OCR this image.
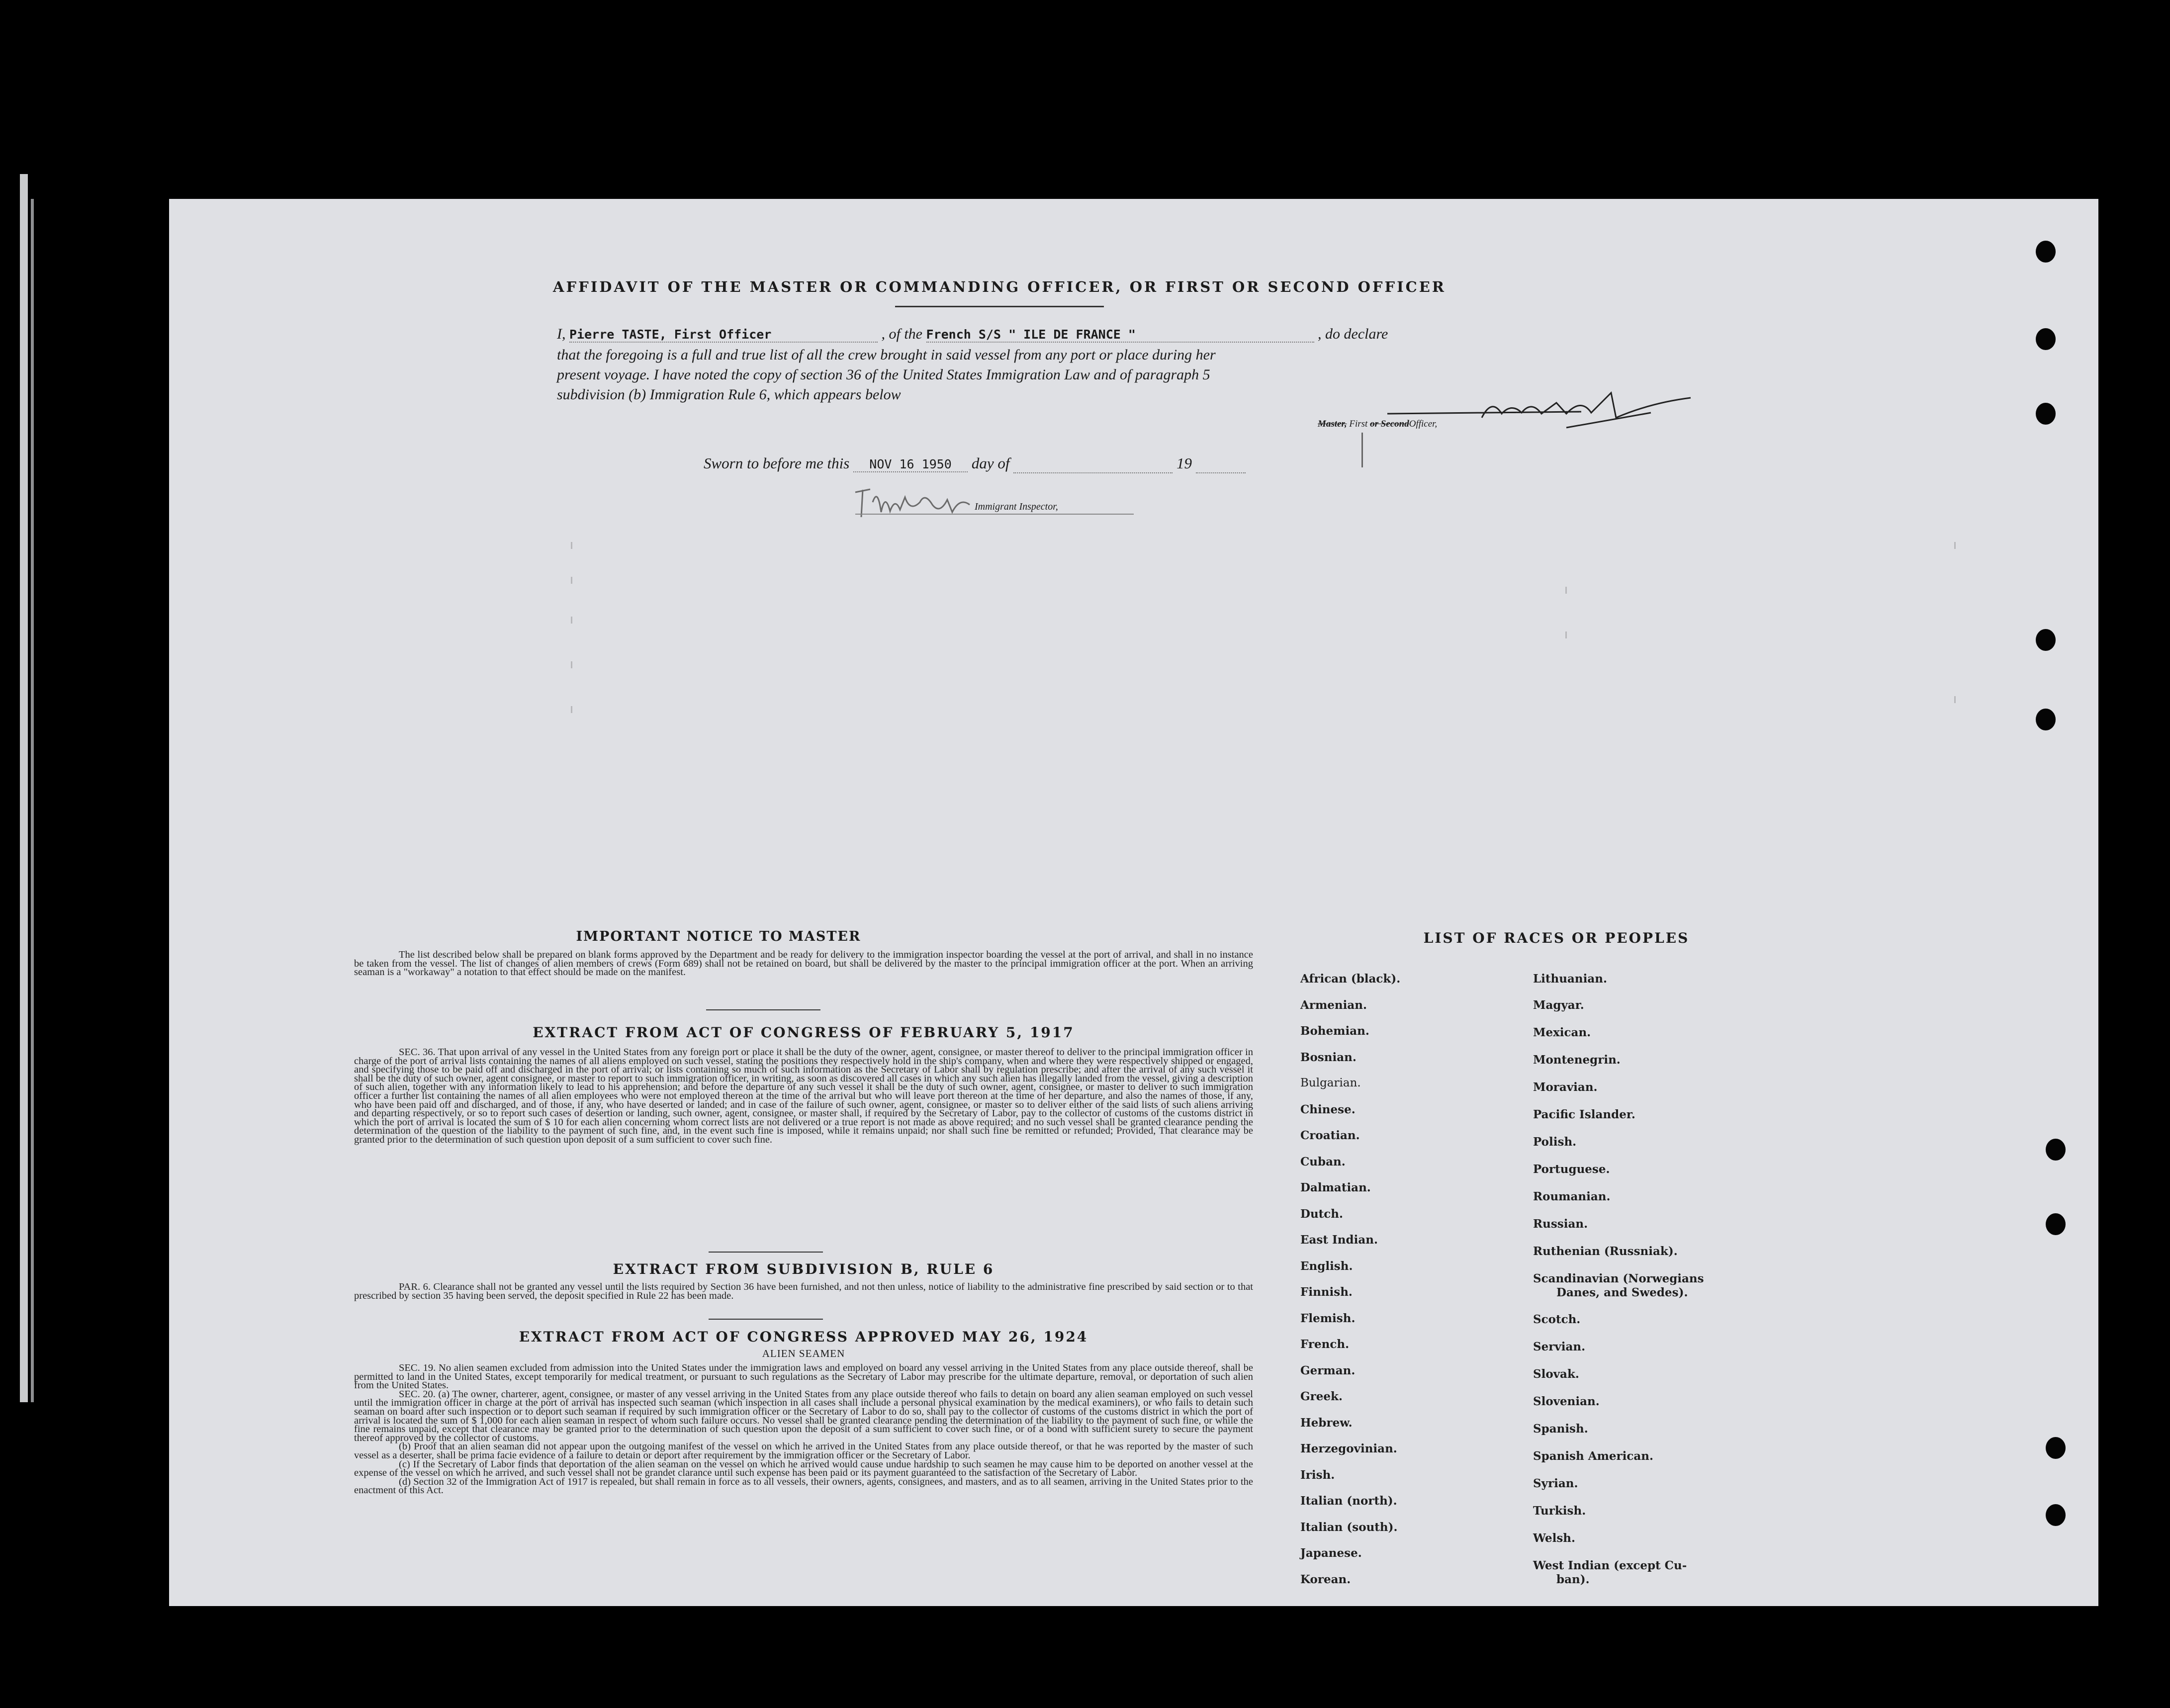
AFFIDAVIT OF THE MASTER OR COMMANDING OFFICER, OR FIRST OR SECOND OFFICER
I, Pierre TASTE, First Officer	, of the French S/S " ILE DE FRANCE "	, do declare
that the foregoing is a full and true list of all the crew brought in said vessel from any port or place during her
present voyage. I have noted the copy of section 36 of the United States Immigration Law and of paragraph 5
subdivision (b) Immigration Rule 6, which appears below
Master, First or SecondOfficer,
Sworn to before me this NOV 16 1950 day of	19
Immigrant Inspector,
IMPORTANT NOTICE TO MASTER
The list described below shall be prepared on blank forms approved by the Department and be ready for delivery to the immigration inspector boarding the vessel at the port of arrival, and shall in no instance be taken from the vessel. The list of changes of alien members of crews (Form 689) shall not be retained on board, but shall be delivered by the master to the principal immigration officer at the port. When an arriving seaman is a "workaway" a notation to that effect should be made on the manifest.
EXTRACT FROM ACT OF CONGRESS OF FEBRUARY 5, 1917
SEC. 36. That upon arrival of any vessel in the United States from any foreign port or place it shall be the duty of the owner, agent, consignee, or master thereof to deliver to the principal immigration officer in charge of the port of arrival lists containing the names of all aliens employed on such vessel, stating the positions they respectively hold in the ship's company, when and where they were respectively shipped or engaged, and specifying those to be paid off and discharged in the port of arrival; or lists containing so much of such information as the Secretary of Labor shall by regulation prescribe; and after the arrival of any such vessel it shall be the duty of such owner, agent consignee, or master to report to such immigration officer, in writing, as soon as discovered all cases in which any such alien has illegally landed from the vessel, giving a description of such alien, together with any information likely to lead to his apprehension; and before the departure of any such vessel it shall be the duty of such owner, agent, consignee, or master to deliver to such immigration officer a further list containing the names of all alien employees who were not employed thereon at the time of the arrival but who will leave port thereon at the time of her departure, and also the names of those, if any, who have been paid off and discharged, and of those, if any, who have deserted or landed; and in case of the failure of such owner, agent, consignee, or master so to deliver either of the said lists of such aliens arriving and departing respectively, or so to report such cases of desertion or landing, such owner, agent, consignee, or master shall, if required by the Secretary of Labor, pay to the collector of customs of the customs district in which the port of arrival is located the sum of $ 10 for each alien concerning whom correct lists are not delivered or a true report is not made as above required; and no such vessel shall be granted clearance pending the determination of the question of the liability to the payment of such fine, and, in the event such fine is imposed, while it remains unpaid; nor shall such fine be remitted or refunded; Provided, That clearance may be granted prior to the determination of such question upon deposit of a sum sufficient to cover such fine.
EXTRACT FROM SUBDIVISION B, RULE 6
PAR. 6. Clearance shall not be granted any vessel until the lists required by Section 36 have been furnished, and not then unless, notice of liability to the administrative fine prescribed by said section or to that prescribed by section 35 having been served, the deposit specified in Rule 22 has been made.
EXTRACT FROM ACT OF CONGRESS APPROVED MAY 26, 1924
ALIEN SEAMEN

SEC. 19. No alien seamen excluded from admission into the United States under the immigration laws and employed on board any vessel arriving in the United States from any place outside thereof, shall be permitted to land in the United States, except temporarily for medical treatment, or pursuant to such regulations as the Secretary of Labor may prescribe for the ultimate departure, removal, or deportation of such alien from the United States.

SEC. 20. (a) The owner, charterer, agent, consignee, or master of any vessel arriving in the United States from any place outside thereof who fails to detain on board any alien seaman employed on such vessel until the immigration officer in charge at the port of arrival has inspected such seaman (which inspection in all cases shall include a personal physical examination by the medical examiners), or who fails to detain such seaman on board after such inspection or to deport such seaman if required by such immigration officer or the Secretary of Labor to do so, shall pay to the collector of customs of the customs district in which the port of arrival is located the sum of $ 1,000 for each alien seaman in respect of whom such failure occurs. No vessel shall be granted clearance pending the determination of the liability to the payment of such fine, or while the fine remains unpaid, except that clearance may be granted prior to the determination of such question upon the deposit of a sum sufficient to cover such fine, or of a bond with sufficient surety to secure the payment thereof approved by the collector of customs.

(b) Proof that an alien seaman did not appear upon the outgoing manifest of the vessel on which he arrived in the United States from any place outside thereof, or that he was reported by the master of such vessel as a deserter, shall be prima facie evidence of a failure to detain or deport after requirement by the immigration officer or the Secretary of Labor.

(c) If the Secretary of Labor finds that deportation of the alien seaman on the vessel on which he arrived would cause undue hardship to such seamen he may cause him to be deported on another vessel at the expense of the vessel on which he arrived, and such vessel shall not be grandet clarance until such expense has been paid or its payment guaranteed to the satisfaction of the Secretary of Labor.

(d) Section 32 of the Immigration Act of 1917 is repealed, but shall remain in force as to all vessels, their owners, agents, consignees, and masters, and as to all seamen, arriving in the United States prior to the enactment of this Act.

LIST OF RACES OR PEOPLES
African (black).
Armenian.
Bohemian.
Bosnian.
Bulgarian.
Chinese.
Croatian.
Cuban.
Dalmatian.
Dutch.
East Indian.
English.
Finnish.
Flemish.
French.
German.
Greek.
Hebrew.
Herzegovinian.
Irish.
Italian (north).
Italian (south).
Japanese.
Korean.
Lithuanian.
Magyar.
Mexican.
Montenegrin.
Moravian.
Pacific Islander.
Polish.
Portuguese.
Roumanian.
Russian.
Ruthenian (Russniak).
Scandinavian (Norwegians
Danes, and Swedes).
Scotch.
Servian.
Slovak.
Slovenian.
Spanish.
Spanish American.
Syrian.
Turkish.
Welsh.
West Indian (except Cu-
ban).
